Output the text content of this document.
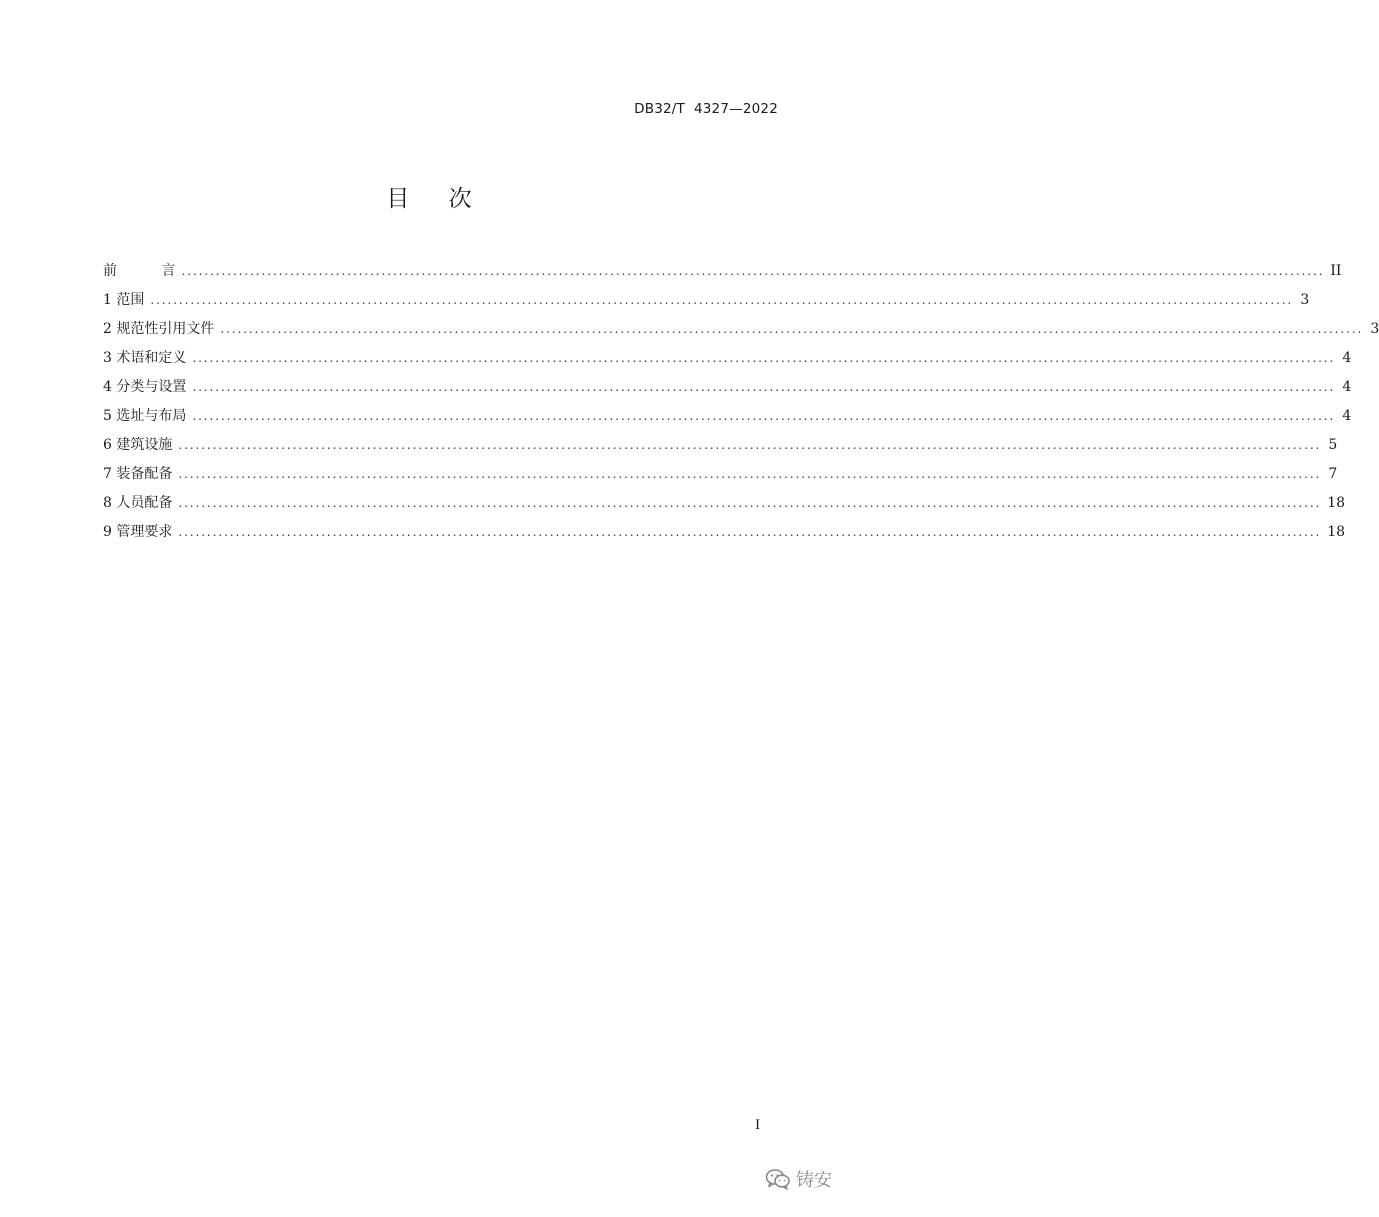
DB32/T  4327—2022
目    次
前          言 ........................................................................................................................................................................................................ II
1 范围 ........................................................................................................................................................................................................ 3
2 规范性引用文件 ........................................................................................................................................................................................................ 3
3 术语和定义 ........................................................................................................................................................................................................ 4
4 分类与设置 ........................................................................................................................................................................................................ 4
5 选址与布局 ........................................................................................................................................................................................................ 4
6 建筑设施 ........................................................................................................................................................................................................ 5
7 装备配备 ........................................................................................................................................................................................................ 7
8 人员配备 ........................................................................................................................................................................................................ 18
9 管理要求 ........................................................................................................................................................................................................ 18
I
铸安
